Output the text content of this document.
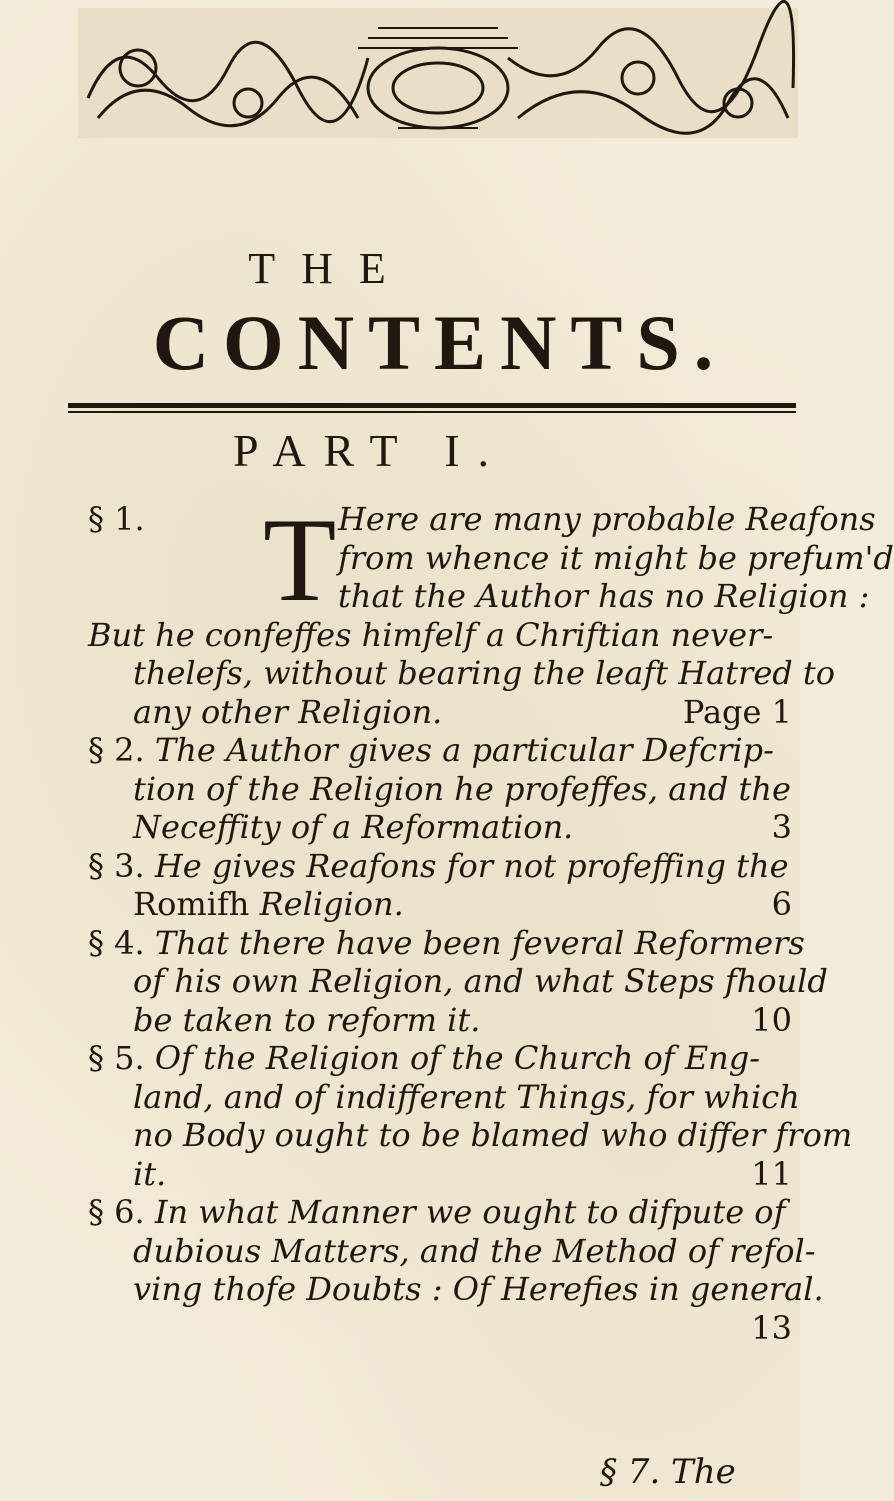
THE
CONTENTS.
PART I.
§ 1. T Here are many probable Reafons
from whence it might be prefum'd
that the Author has no Religion :
But he confeffes himfelf a Chriftian never-
thelefs, without bearing the leaft Hatred to
any other Religion.	Page 1
§ 2. The Author gives a particular Defcrip-
tion of the Religion he profeffes, and the
Neceffity of a Reformation.	3
§ 3. He gives Reafons for not profeffing the
Romifh Religion.	6
§ 4. That there have been feveral Reformers
of his own Religion, and what Steps fhould
be taken to reform it.	10
§ 5. Of the Religion of the Church of Eng-
land, and of indifferent Things, for which
no Body ought to be blamed who differ from
it.	11
§ 6. In what Manner we ought to difpute of
dubious Matters, and the Method of refol-
ving thofe Doubts : Of Herefies in general.
13
§ 7. The
